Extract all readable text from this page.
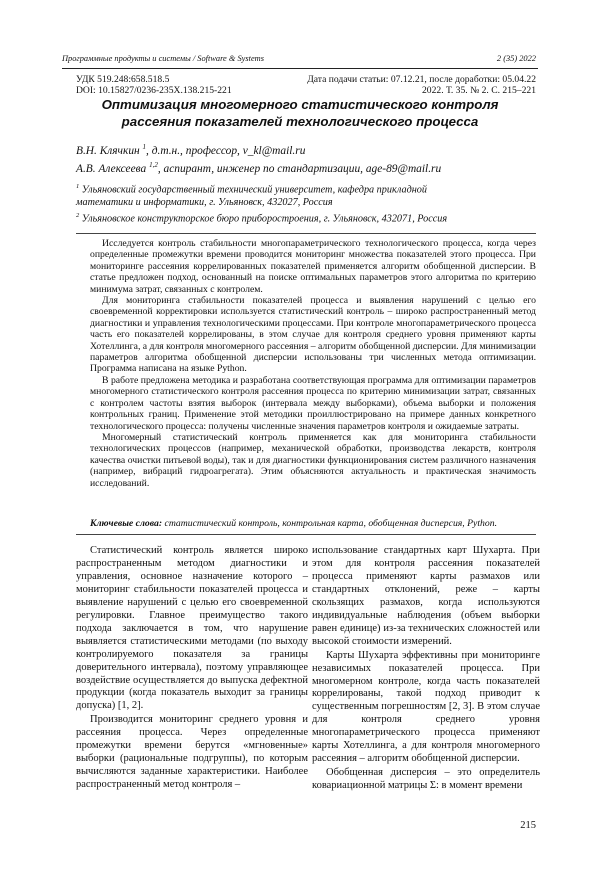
Программные продукты и системы / Software & Systems	2 (35) 2022
УДК 519.248:658.518.5
DOI: 10.15827/0236-235X.138.215-221
Дата подачи статьи: 07.12.21, после доработки: 05.04.22
2022. Т. 35. № 2. С. 215–221
Оптимизация многомерного статистического контроля
рассеяния показателей технологического процесса
В.Н. Клячкин $^1$, д.т.н., профессор, v_kl@mail.ru
А.В. Алексеева $^{1,2}$, аспирант, инженер по стандартизации, age-89@mail.ru
$^1$ Ульяновский государственный технический университет, кафедра прикладной
математики и информатики, г. Ульяновск, 432027, Россия
$^2$ Ульяновское конструкторское бюро приборостроения, г. Ульяновск, 432071, Россия

Исследуется контроль стабильности многопараметрического технологического процесса, когда через определенные промежутки времени проводится мониторинг множества показателей этого процесса. При мониторинге рассеяния коррелированных показателей применяется алгоритм обобщенной дисперсии. В статье предложен подход, основанный на поиске оптимальных параметров этого алгоритма по критерию минимума затрат, связанных с контролем.

Для мониторинга стабильности показателей процесса и выявления нарушений с целью его своевременной корректировки используется статистический контроль – широко распространенный метод диагностики и управления технологическими процессами. При контроле многопараметрического процесса часть его показателей коррелированы, в этом случае для контроля среднего уровня применяют карты Хотеллинга, а для контроля многомерного рассеяния – алгоритм обобщенной дисперсии. Для минимизации параметров алгоритма обобщенной дисперсии использованы три численных метода оптимизации. Программа написана на языке Python.

В работе предложена методика и разработана соответствующая программа для оптимизации параметров многомерного статистического контроля рассеяния процесса по критерию минимизации затрат, связанных с контролем частоты взятия выборок (интервала между выборками), объема выборки и положения контрольных границ. Применение этой методики проиллюстрировано на примере данных конкретного технологического процесса: получены численные значения параметров контроля и ожидаемые затраты.

Многомерный статистический контроль применяется как для мониторинга стабильности технологических процессов (например, механической обработки, производства лекарств, контроля качества очистки питьевой воды), так и для диагностики функционирования систем различного назначения (например, вибраций гидроагрегата). Этим объясняются актуальность и практическая значимость исследований.

Ключевые слова: статистический контроль, контрольная карта, обобщенная дисперсия, Python.

Статистический контроль является широко распространенным методом диагностики и управления, основное назначение которого – мониторинг стабильности показателей процесса и выявление нарушений с целью его своевременной регулировки. Главное преимущество такого подхода заключается в том, что нарушение выявляется статистическими методами (по выходу контролируемого показателя за границы доверительного интервала), поэтому управляющее воздействие осуществляется до выпуска дефектной продукции (когда показатель выходит за границы допуска) [1, 2].

Производится мониторинг среднего уровня и рассеяния процесса. Через определенные промежутки времени берутся «мгновенные» выборки (рациональные подгруппы), по которым вычисляются заданные характеристики. Наиболее распространенный метод контроля –

использование стандартных карт Шухарта. При этом для контроля рассеяния показателей процесса применяют карты размахов или стандартных отклонений, реже – карты скользящих размахов, когда используются индивидуальные наблюдения (объем выборки равен единице) из-за технических сложностей или высокой стоимости измерений.

Карты Шухарта эффективны при мониторинге независимых показателей процесса. При многомерном контроле, когда часть показателей коррелированы, такой подход приводит к существенным погрешностям [2, 3]. В этом случае для контроля среднего уровня многопараметрического процесса применяют карты Хотеллинга, а для контроля многомерного рассеяния – алгоритм обобщенной дисперсии.

Обобщенная дисперсия – это определитель ковариационной матрицы Σ: в момент времени

215
